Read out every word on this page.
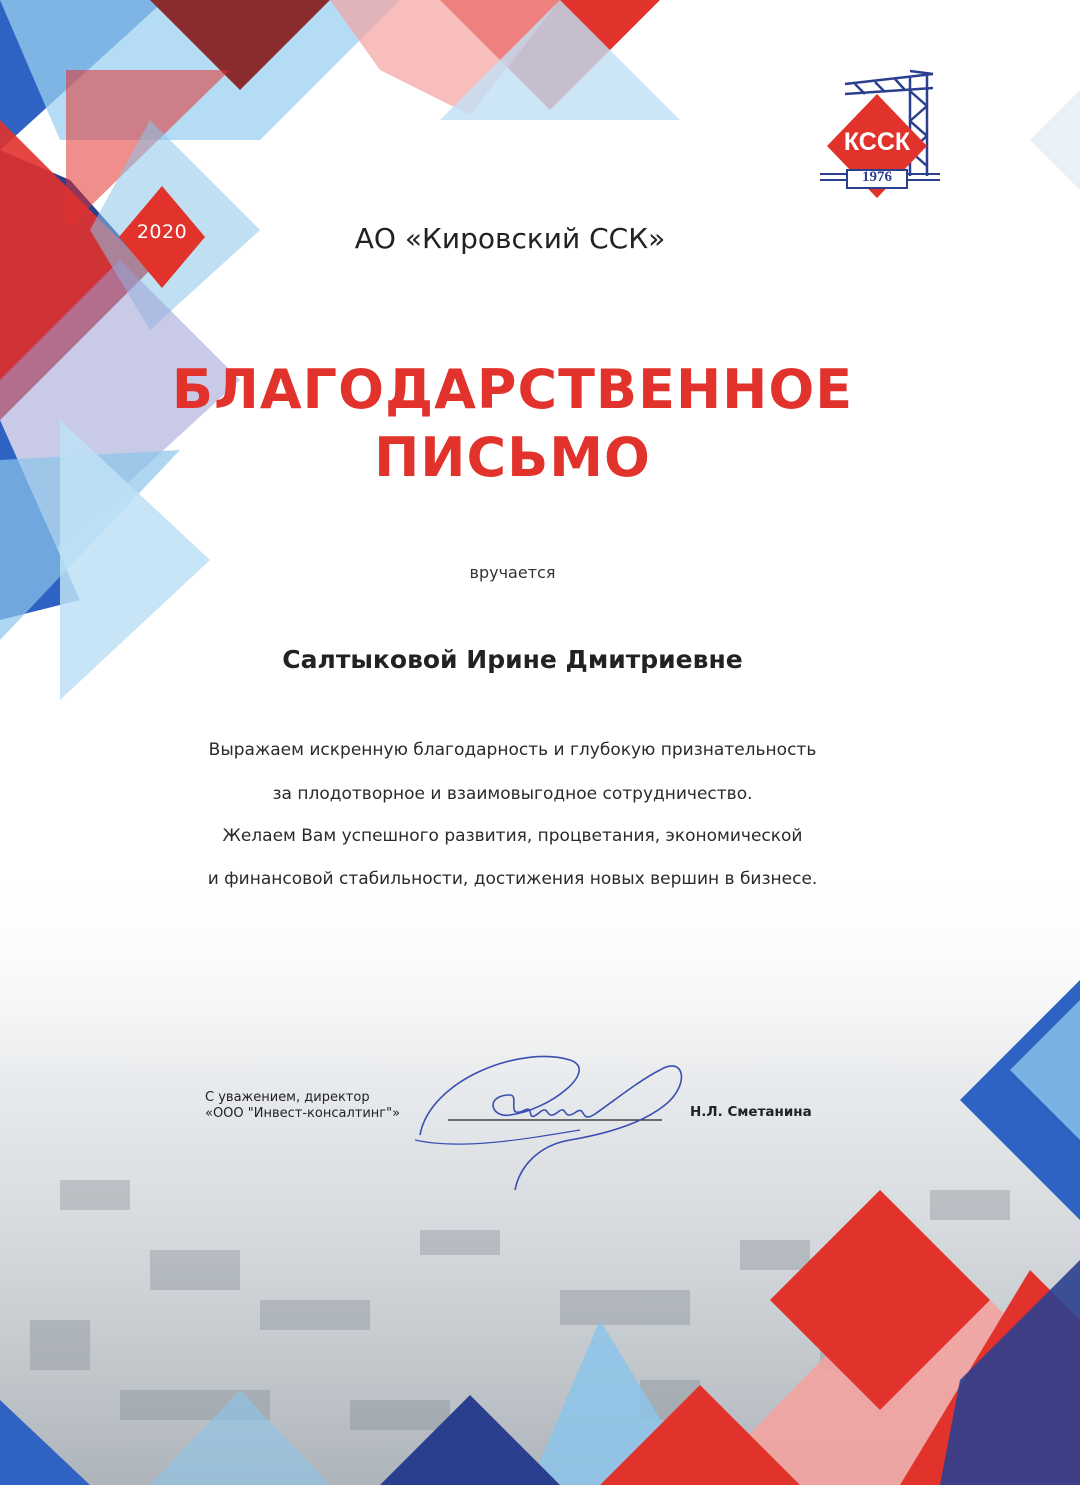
2020	АО «Кировский ССК»
КССК
1976
БЛАГОДАРСТВЕННОЕ
ПИСЬМО
вручается
Салтыковой Ирине Дмитриевне
Выражаем искренную благодарность и глубокую признательность
за плодотворное и взаимовыгодное сотрудничество.
Желаем Вам успешного развития, процветания, экономической
и финансовой стабильности, достижения новых вершин в бизнесе.
С уважением, директор
«ООО "Инвест-консалтинг"»	Н.Л. Сметанина
